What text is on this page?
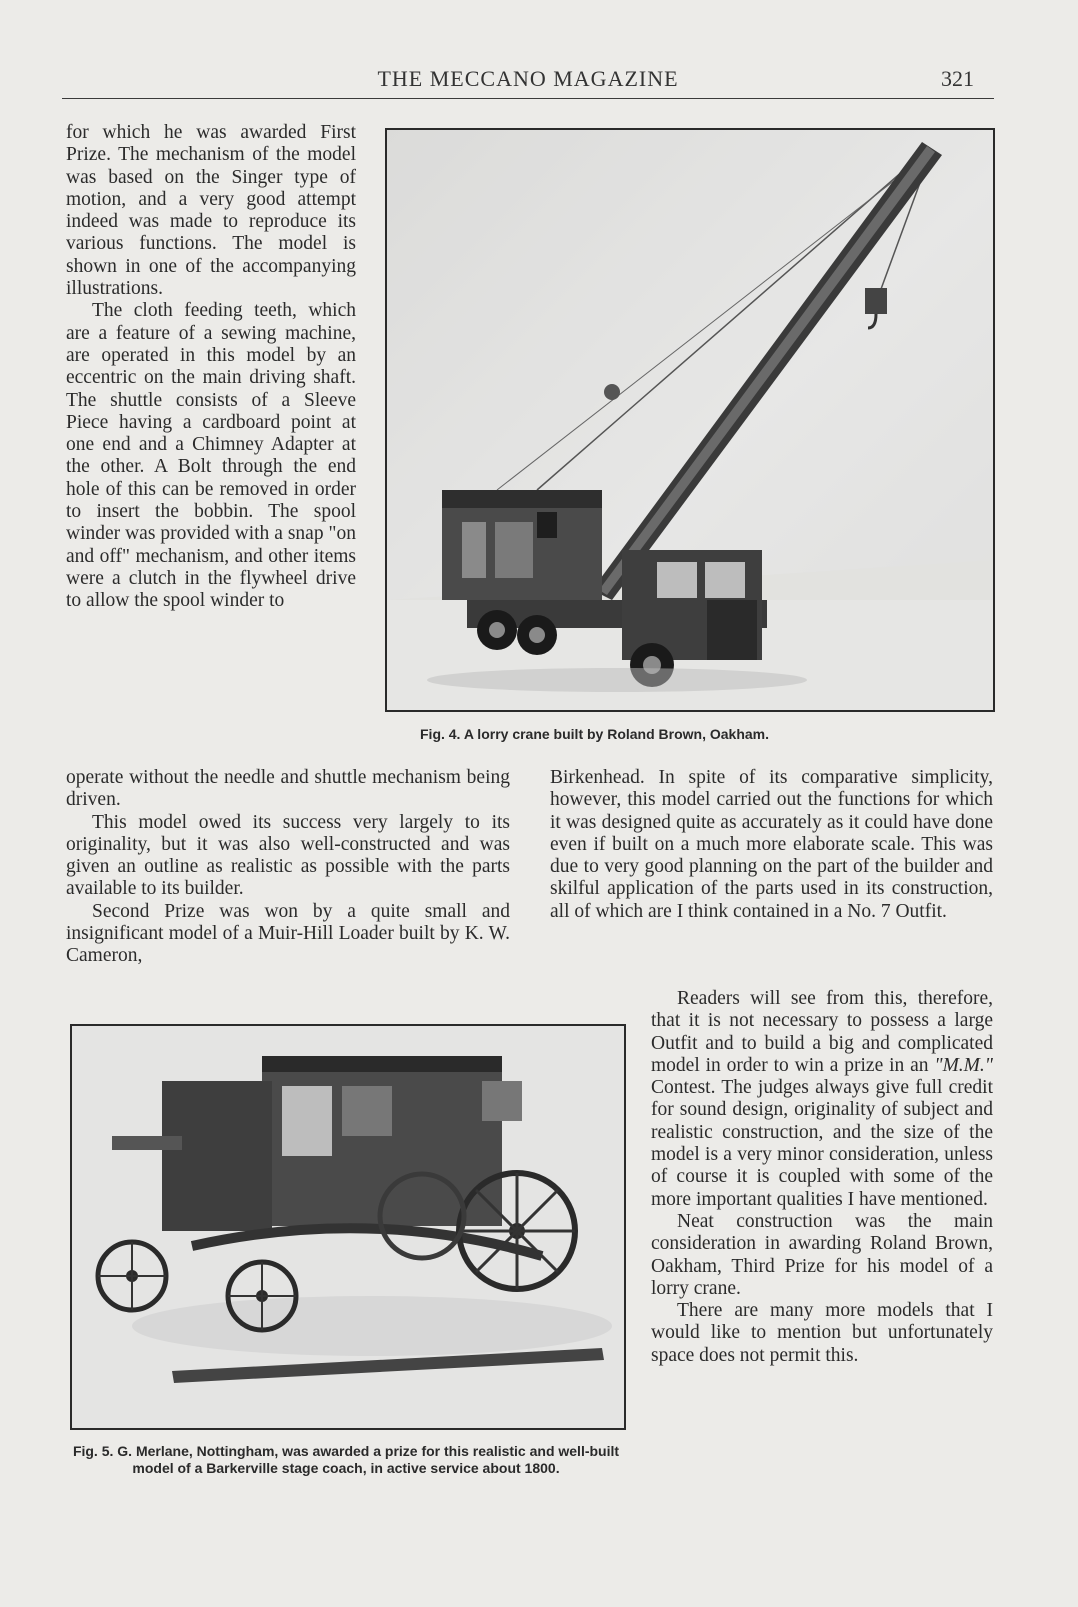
THE MECCANO MAGAZINE	321

for which he was awarded First Prize. The mechanism of the model was based on the Singer type of motion, and a very good attempt indeed was made to reproduce its various functions. The model is shown in one of the accompanying illustrations.

The cloth feeding teeth, which are a feature of a sewing machine, are operated in this model by an eccentric on the main driving shaft. The shuttle consists of a Sleeve Piece having a cardboard point at one end and a Chimney Adapter at the other. A Bolt through the end hole of this can be removed in order to insert the bobbin. The spool winder was provided with a snap "on and off" mechanism, and other items were a clutch in the flywheel drive to allow the spool winder to

Fig. 4. A lorry crane built by Roland Brown, Oakham.

operate without the needle and shuttle mechanism being driven.

This model owed its success very largely to its originality, but it was also well-constructed and was given an outline as realistic as possible with the parts available to its builder.

Second Prize was won by a quite small and insignificant model of a Muir-Hill Loader built by K. W. Cameron,

Birkenhead. In spite of its comparative simplicity, however, this model carried out the functions for which it was designed quite as accurately as it could have done even if built on a much more elaborate scale. This was due to very good planning on the part of the builder and skilful application of the parts used in its construction, all of which are I think contained in a No. 7 Outfit.

Fig. 5. G. Merlane, Nottingham, was awarded a prize for this realistic and well-built model of a Barkerville stage coach, in active service about 1800.

Readers will see from this, therefore, that it is not necessary to possess a large Outfit and to build a big and complicated model in order to win a prize in an "M.M." Contest. The judges always give full credit for sound design, originality of subject and realistic construction, and the size of the model is a very minor consideration, unless of course it is coupled with some of the more important qualities I have mentioned.

Neat construction was the main consideration in awarding Roland Brown, Oakham, Third Prize for his model of a lorry crane.

There are many more models that I would like to mention but unfortunately space does not permit this.
